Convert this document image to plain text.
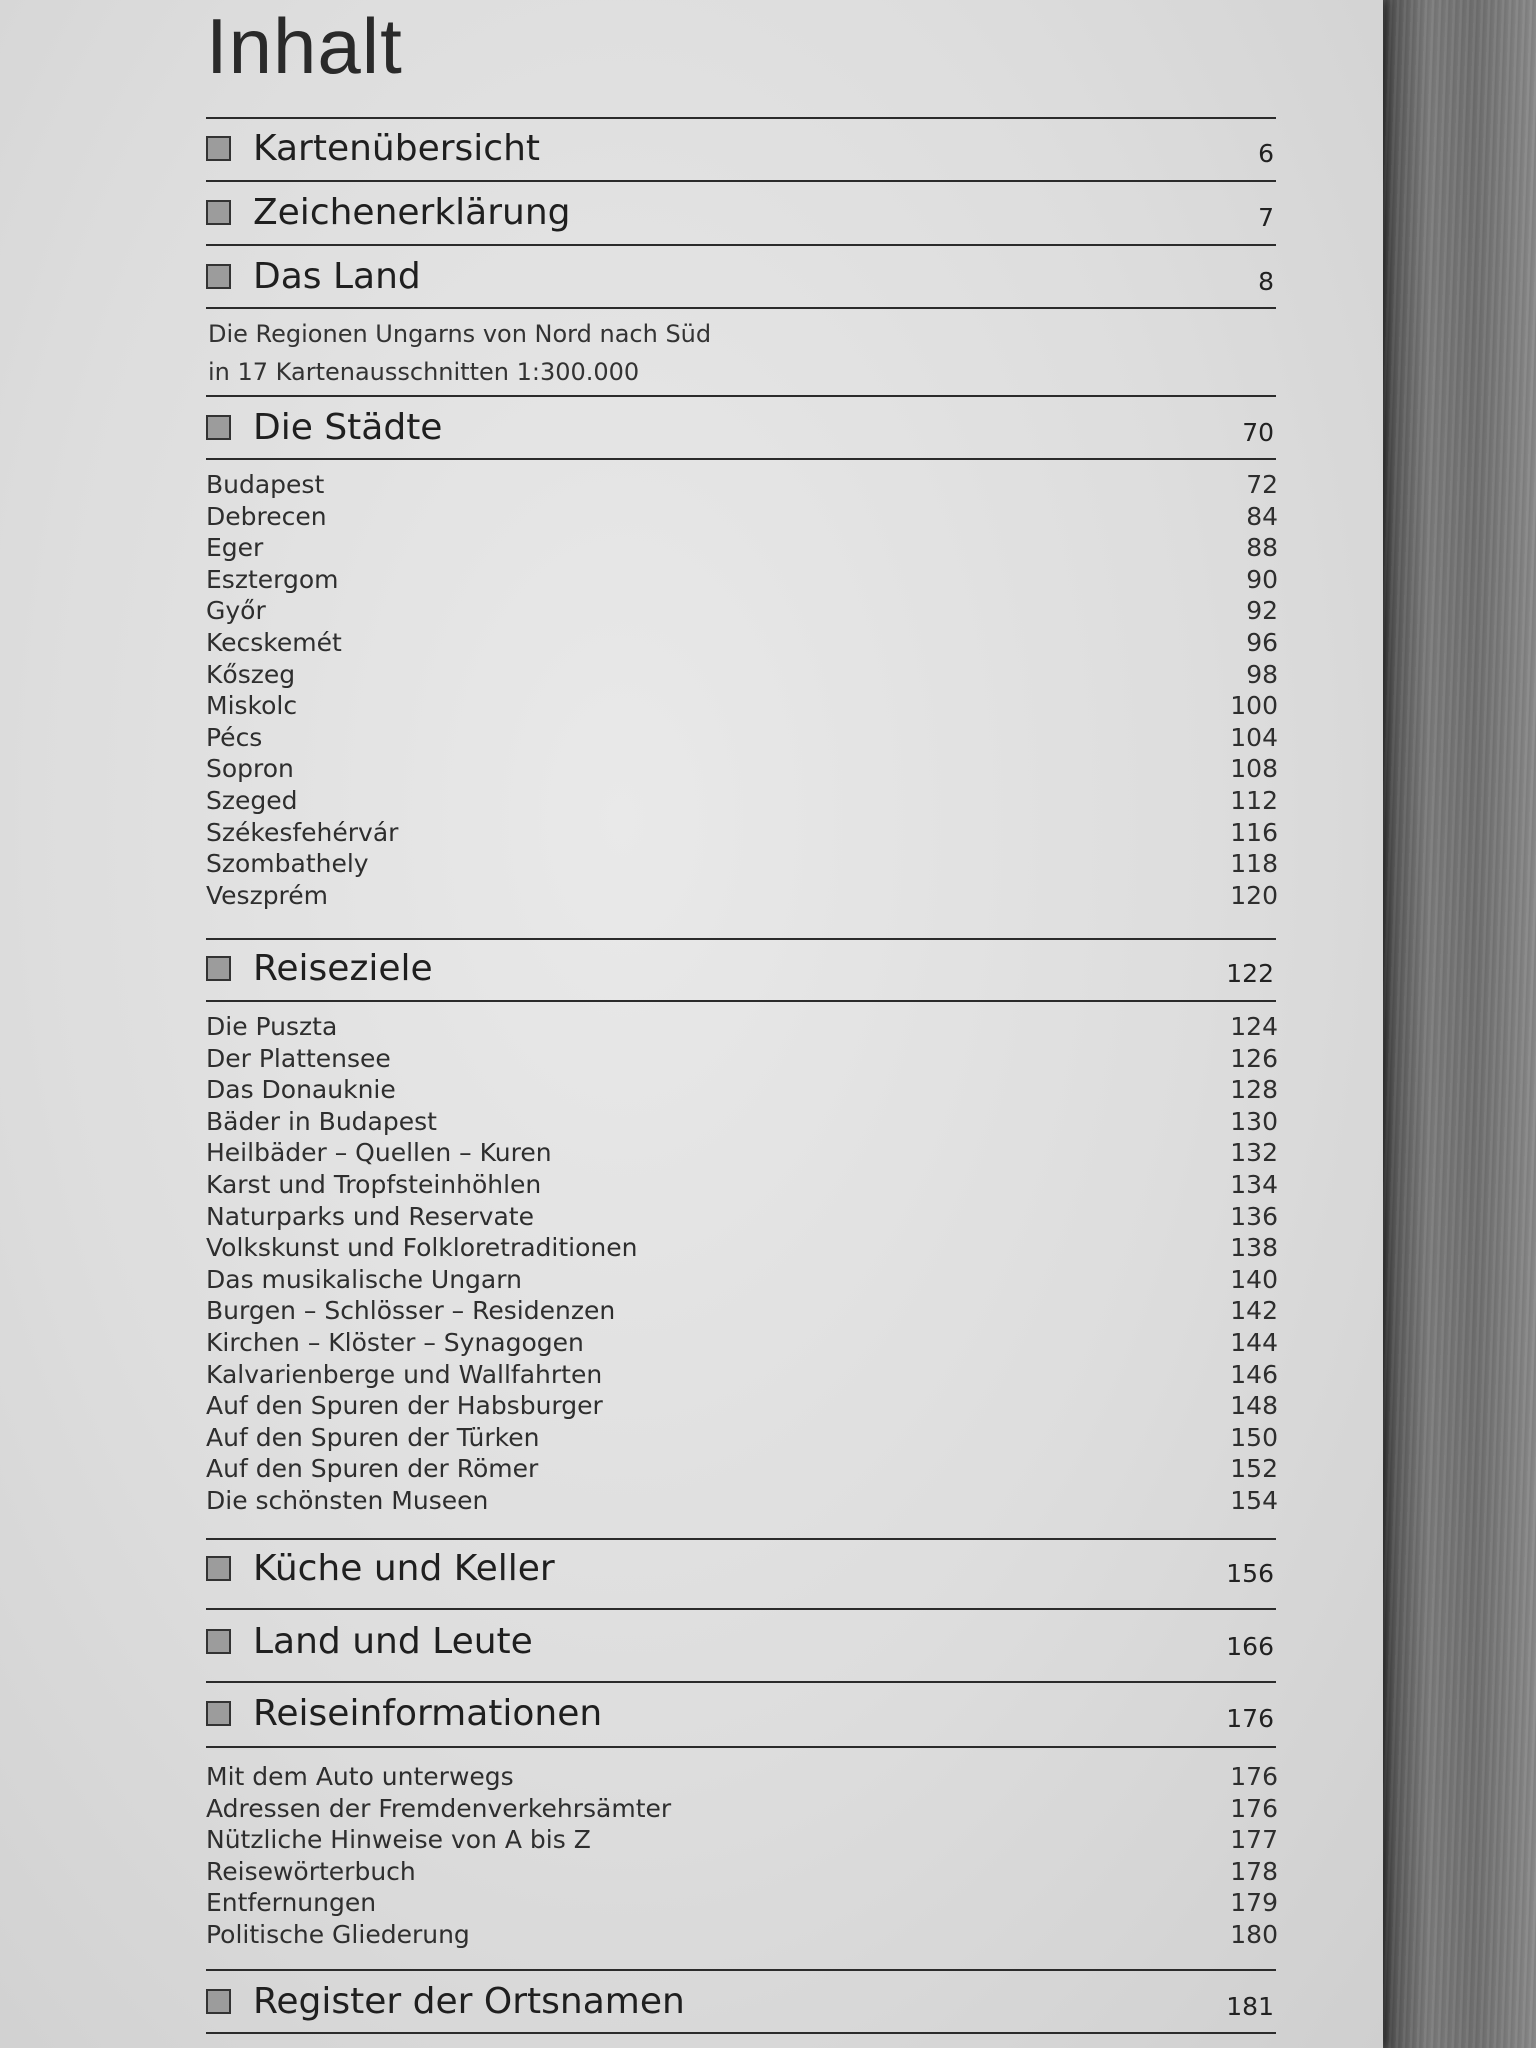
Inhalt
Kartenübersicht	6
Zeichenerklärung	7
Das Land	8
Die Regionen Ungarns von Nord nach Süd
in 17 Kartenausschnitten 1:300.000
Die Städte	70
Budapest	72
Debrecen	84
Eger	88
Esztergom	90
Győr	92
Kecskemét	96
Kőszeg	98
Miskolc	100
Pécs	104
Sopron	108
Szeged	112
Székesfehérvár	116
Szombathely	118
Veszprém	120
Reiseziele	122
Die Puszta	124
Der Plattensee	126
Das Donauknie	128
Bäder in Budapest	130
Heilbäder – Quellen – Kuren	132
Karst und Tropfsteinhöhlen	134
Naturparks und Reservate	136
Volkskunst und Folkloretraditionen	138
Das musikalische Ungarn	140
Burgen – Schlösser – Residenzen	142
Kirchen – Klöster – Synagogen	144
Kalvarienberge und Wallfahrten	146
Auf den Spuren der Habsburger	148
Auf den Spuren der Türken	150
Auf den Spuren der Römer	152
Die schönsten Museen	154
Küche und Keller	156
Land und Leute	166
Reiseinformationen	176
Mit dem Auto unterwegs	176
Adressen der Fremdenverkehrsämter	176
Nützliche Hinweise von A bis Z	177
Reisewörterbuch	178
Entfernungen	179
Politische Gliederung	180
Register der Ortsnamen	181
